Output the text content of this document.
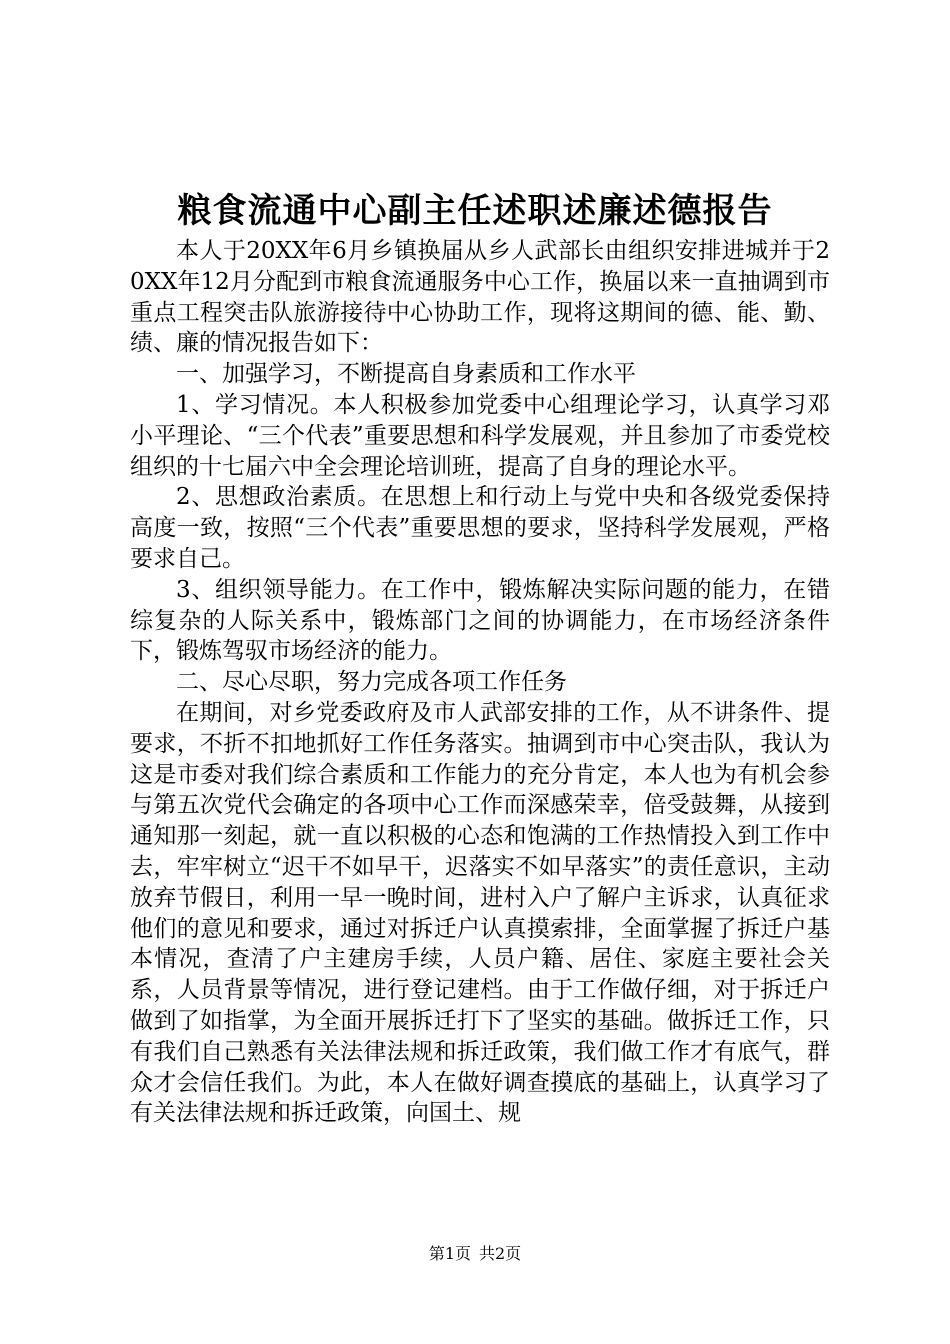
粮食流通中心副主任述职述廉述德报告

本人于20XX年6月乡镇换届从乡人武部长由组织安排进城并于20XX年12月分配到市粮食流通服务中心工作，换届以来一直抽调到市重点工程突击队旅游接待中心协助工作，现将这期间的德、能、勤、绩、廉的情况报告如下：

一、加强学习，不断提高自身素质和工作水平

1、学习情况。本人积极参加党委中心组理论学习，认真学习邓小平理论、“三个代表”重要思想和科学发展观，并且参加了市委党校组织的十七届六中全会理论培训班，提高了自身的理论水平。

2、思想政治素质。在思想上和行动上与党中央和各级党委保持高度一致，按照“三个代表”重要思想的要求，坚持科学发展观，严格要求自己。

3、组织领导能力。在工作中，锻炼解决实际问题的能力，在错综复杂的人际关系中，锻炼部门之间的协调能力，在市场经济条件下，锻炼驾驭市场经济的能力。

二、尽心尽职，努力完成各项工作任务

在期间，对乡党委政府及市人武部安排的工作，从不讲条件、提要求，不折不扣地抓好工作任务落实。抽调到市中心突击队，我认为这是市委对我们综合素质和工作能力的充分肯定，本人也为有机会参与第五次党代会确定的各项中心工作而深感荣幸，倍受鼓舞，从接到通知那一刻起，就一直以积极的心态和饱满的工作热情投入到工作中去，牢牢树立“迟干不如早干，迟落实不如早落实”的责任意识，主动放弃节假日，利用一早一晚时间，进村入户了解户主诉求，认真征求他们的意见和要求，通过对拆迁户认真摸索排，全面掌握了拆迁户基本情况，查清了户主建房手续，人员户籍、居住、家庭主要社会关系，人员背景等情况，进行登记建档。由于工作做仔细，对于拆迁户做到了如指掌，为全面开展拆迁打下了坚实的基础。做拆迁工作，只有我们自己熟悉有关法律法规和拆迁政策，我们做工作才有底气，群众才会信任我们。为此，本人在做好调查摸底的基础上，认真学习了有关法律法规和拆迁政策，向国土、规

第1页 共2页
